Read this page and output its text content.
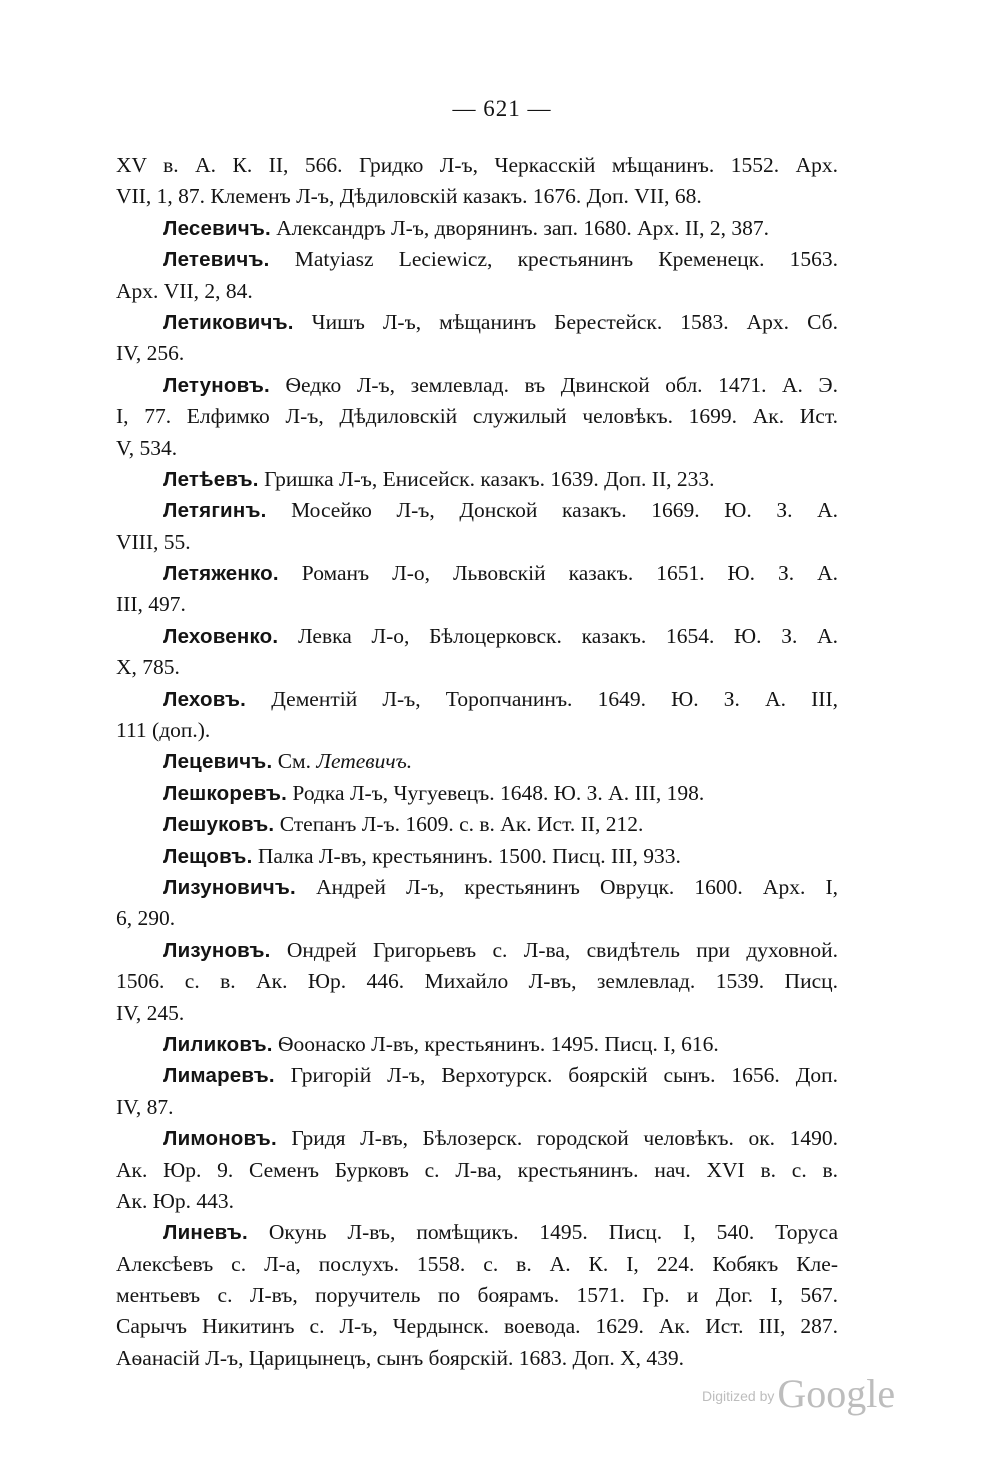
— 621 —
XV в. А. К. II, 566. Гридко Л-ъ, Черкасскій мѣщанинъ. 1552. Арх.
VII, 1, 87. Клеменъ Л-ъ, Дѣдиловскій казакъ. 1676. Доп. VII, 68.
Лесевичъ. Александръ Л-ъ, дворянинъ. зап. 1680. Арх. II, 2, 387.
Летевичъ. Matyiasz Leciewicz, крестьянинъ Кременецк. 1563.
Арх. VII, 2, 84.
Летиковичъ. Чишъ Л-ъ, мѣщанинъ Берестейск. 1583. Арх. Сб.
IV, 256.
Летуновъ. Ѳедко Л-ъ, землевлад. въ Двинской обл. 1471. А. Э.
I, 77. Елфимко Л-ъ, Дѣдиловскій служилый человѣкъ. 1699. Ак. Ист.
V, 534.
Летѣевъ. Гришка Л-ъ, Енисейск. казакъ. 1639. Доп. II, 233.
Летягинъ. Мосейко Л-ъ, Донской казакъ. 1669. Ю. З. А.
VIII, 55.
Летяженко. Романъ Л-о, Львовскій казакъ. 1651. Ю. З. А.
III, 497.
Леховенко. Левка Л-о, Бѣлоцерковск. казакъ. 1654. Ю. З. А.
X, 785.
Леховъ. Дементій Л-ъ, Торопчанинъ. 1649. Ю. З. А. III,
111 (доп.).
Лецевичъ. См. Летевичъ.
Лешкоревъ. Родка Л-ъ, Чугуевецъ. 1648. Ю. З. А. III, 198.
Лешуковъ. Степанъ Л-ъ. 1609. с. в. Ак. Ист. II, 212.
Лещовъ. Палка Л-въ, крестьянинъ. 1500. Писц. III, 933.
Лизуновичъ. Андрей Л-ъ, крестьянинъ Овруцк. 1600. Арх. I,
6, 290.
Лизуновъ. Ондрей Григорьевъ с. Л-ва, свидѣтель при духовной.
1506. с. в. Ак. Юр. 446. Михайло Л-въ, землевлад. 1539. Писц.
IV, 245.
Лиликовъ. Ѳоонаско Л-въ, крестьянинъ. 1495. Писц. I, 616.
Лимаревъ. Григорій Л-ъ, Верхотурск. боярскій сынъ. 1656. Доп.
IV, 87.
Лимоновъ. Гридя Л-въ, Бѣлозерск. городской человѣкъ. ок. 1490.
Ак. Юр. 9. Семенъ Бурковъ с. Л-ва, крестьянинъ. нач. XVI в. с. в.
Ак. Юр. 443.
Линевъ. Окунь Л-въ, помѣщикъ. 1495. Писц. I, 540. Торуса
Алексѣевъ с. Л-а, послухъ. 1558. с. в. А. К. I, 224. Кобякъ Кле-
ментьевъ с. Л-въ, поручитель по боярамъ. 1571. Гр. и Дог. I, 567.
Сарычъ Никитинъ с. Л-ъ, Чердынск. воевода. 1629. Ак. Ист. III, 287.
Аѳанасій Л-ъ, Царицынецъ, сынъ боярскій. 1683. Доп. X, 439.
Digitized byGoogle
